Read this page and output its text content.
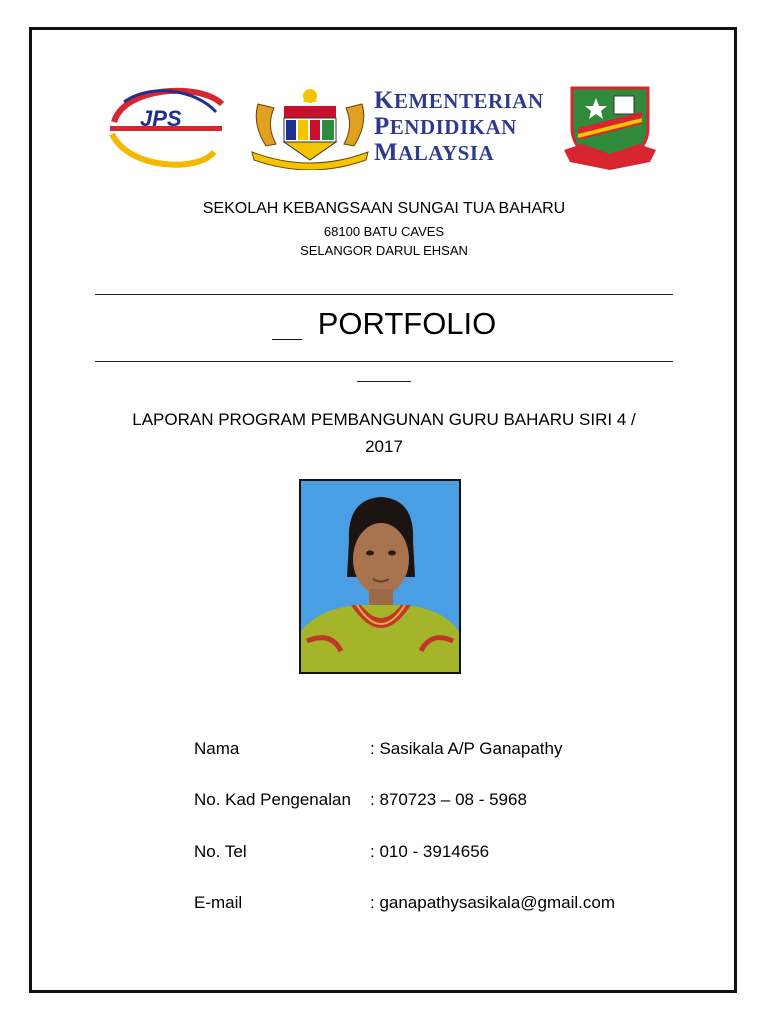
JPS
KEMENTERIAN
PENDIDIKAN
MALAYSIA
SEKOLAH KEBANGSAAN SUNGAI TUA BAHARU
68100 BATU CAVES
SELANGOR DARUL EHSAN
PORTFOLIO
LAPORAN PROGRAM PEMBANGUNAN GURU BAHARU SIRI 4 /
2017
Nama	: Sasikala A/P Ganapathy
No. Kad Pengenalan : 870723 – 08 - 5968
No. Tel	: 010 - 3914656
E-mail	: ganapathysasikala@gmail.com
